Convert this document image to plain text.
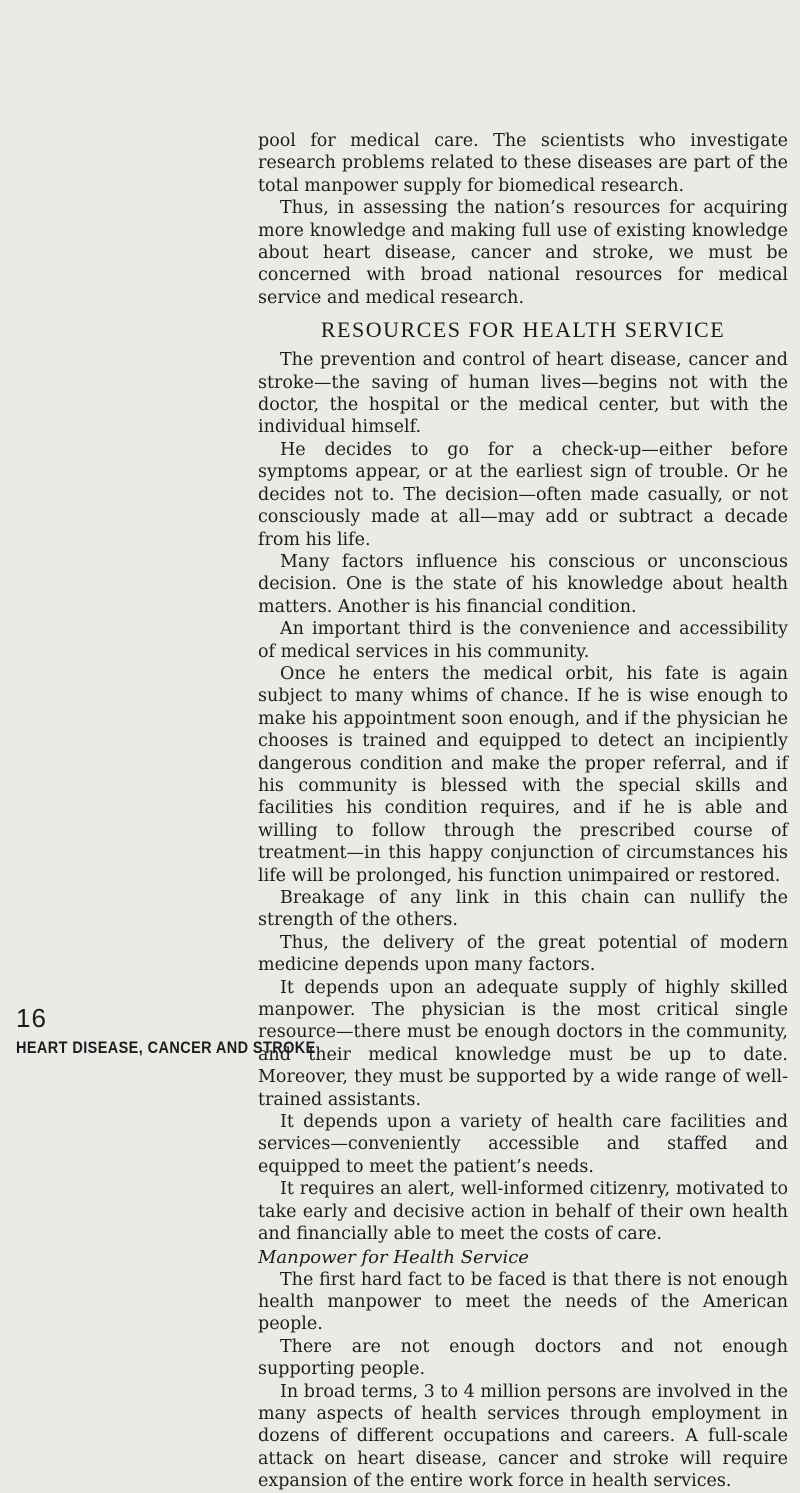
pool for medical care. The scientists who investigate research problems related to these diseases are part of the total manpower supply for biomedical research.

Thus, in assessing the nation’s resources for acquiring more knowledge and making full use of existing knowledge about heart disease, cancer and stroke, we must be concerned with broad national resources for medical service and medical research.

RESOURCES FOR HEALTH SERVICE

The prevention and control of heart disease, cancer and stroke—the saving of human lives—begins not with the doctor, the hospital or the medical center, but with the individual himself.

He decides to go for a check-up—either before symptoms appear, or at the earliest sign of trouble. Or he decides not to. The decision—often made casually, or not consciously made at all—may add or subtract a decade from his life.

Many factors influence his conscious or unconscious decision. One is the state of his knowledge about health matters. Another is his financial condition.

An important third is the convenience and accessibility of medical services in his community.

Once he enters the medical orbit, his fate is again subject to many whims of chance. If he is wise enough to make his appointment soon enough, and if the physician he chooses is trained and equipped to detect an incipiently dangerous condition and make the proper referral, and if his community is blessed with the special skills and facilities his condition requires, and if he is able and willing to follow through the prescribed course of treatment—in this happy conjunction of circumstances his life will be prolonged, his function unimpaired or restored.

Breakage of any link in this chain can nullify the strength of the others.

Thus, the delivery of the great potential of modern medicine depends upon many factors.

It depends upon an adequate supply of highly skilled manpower. The physician is the most critical single resource—there must be enough doctors in the community, and their medical knowledge must be up to date. Moreover, they must be supported by a wide range of well-trained assistants.

It depends upon a variety of health care facilities and services—conveniently accessible and staffed and equipped to meet the patient’s needs.

It requires an alert, well-informed citizenry, motivated to take early and decisive action in behalf of their own health and financially able to meet the costs of care.

Manpower for Health Service

The first hard fact to be faced is that there is not enough health manpower to meet the needs of the American people.

There are not enough doctors and not enough supporting people.

In broad terms, 3 to 4 million persons are involved in the many aspects of health services through employment in dozens of different occupations and careers. A full-scale attack on heart disease, cancer and stroke will require expansion of the entire work force in health services.

16
HEART DISEASE, CANCER AND STROKE
